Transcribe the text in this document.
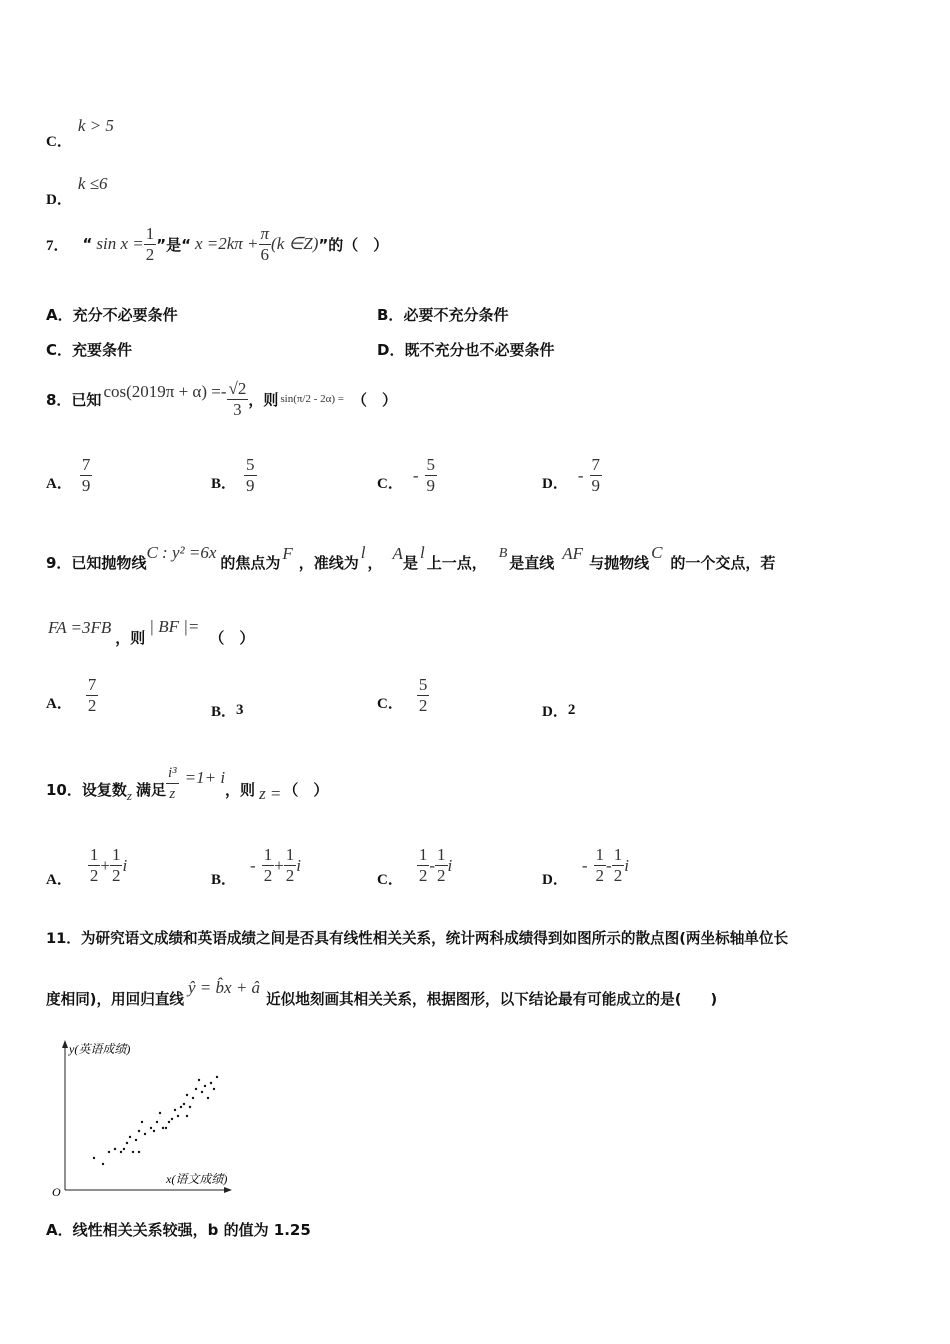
C．
k > 5
D．
k ≤6
7． “ $\sin x = \frac{1}{2}$ ”是“ $x =2k\pi + \frac{\pi}{6} (k$ ∈Z) ”的（　）
A． 充分不必要条件	B． 必要不充分条件
C． 充要条件	D． 既不充分也不必要条件
8．已知 $\cos(2019\pi + \alpha) =- \frac{√2}{3}$ ，则 sin(π/2 - 2α) = （　）
A． $\frac{7}{9}$	B． $\frac{5}{9}$	C． - $\frac{5}{9}$	D． - $\frac{7}{9}$
9．已知抛物线
C : y² =6x
的焦点为 F ，准线为
l
， A 是
l
上一点， B 是直线 AF 与抛物线
C
的一个交点，若
FA =3FB
，则
| BF |=
（　）
A． $\frac{7}{2}$	B． 3	C． $\frac{5}{2}$	D． 2
10．设复数 z 满足 $\frac{\text{i³}}{z} =1+ i$
，则 z = （　）
A． $\frac{1}{2} + \frac{1}{2}$ i
B．
- $\frac{1}{2} + \frac{1}{2}$ i
C． $\frac{1}{2} - \frac{1}{2}$ i
D．
- $\frac{1}{2} - \frac{1}{2}$ i
11．为研究语文成绩和英语成绩之间是否具有线性相关关系，统计两科成绩得到如图所示的散点图(两坐标轴单位长
度相同)，用回归直线
ŷ = b̂x + â
近似地刻画其相关关系，根据图形，以下结论最有可能成立的是(　　)
y(英语成绩)
x(语文成绩)
O
A．线性相关关系较强，b 的值为 1.25
